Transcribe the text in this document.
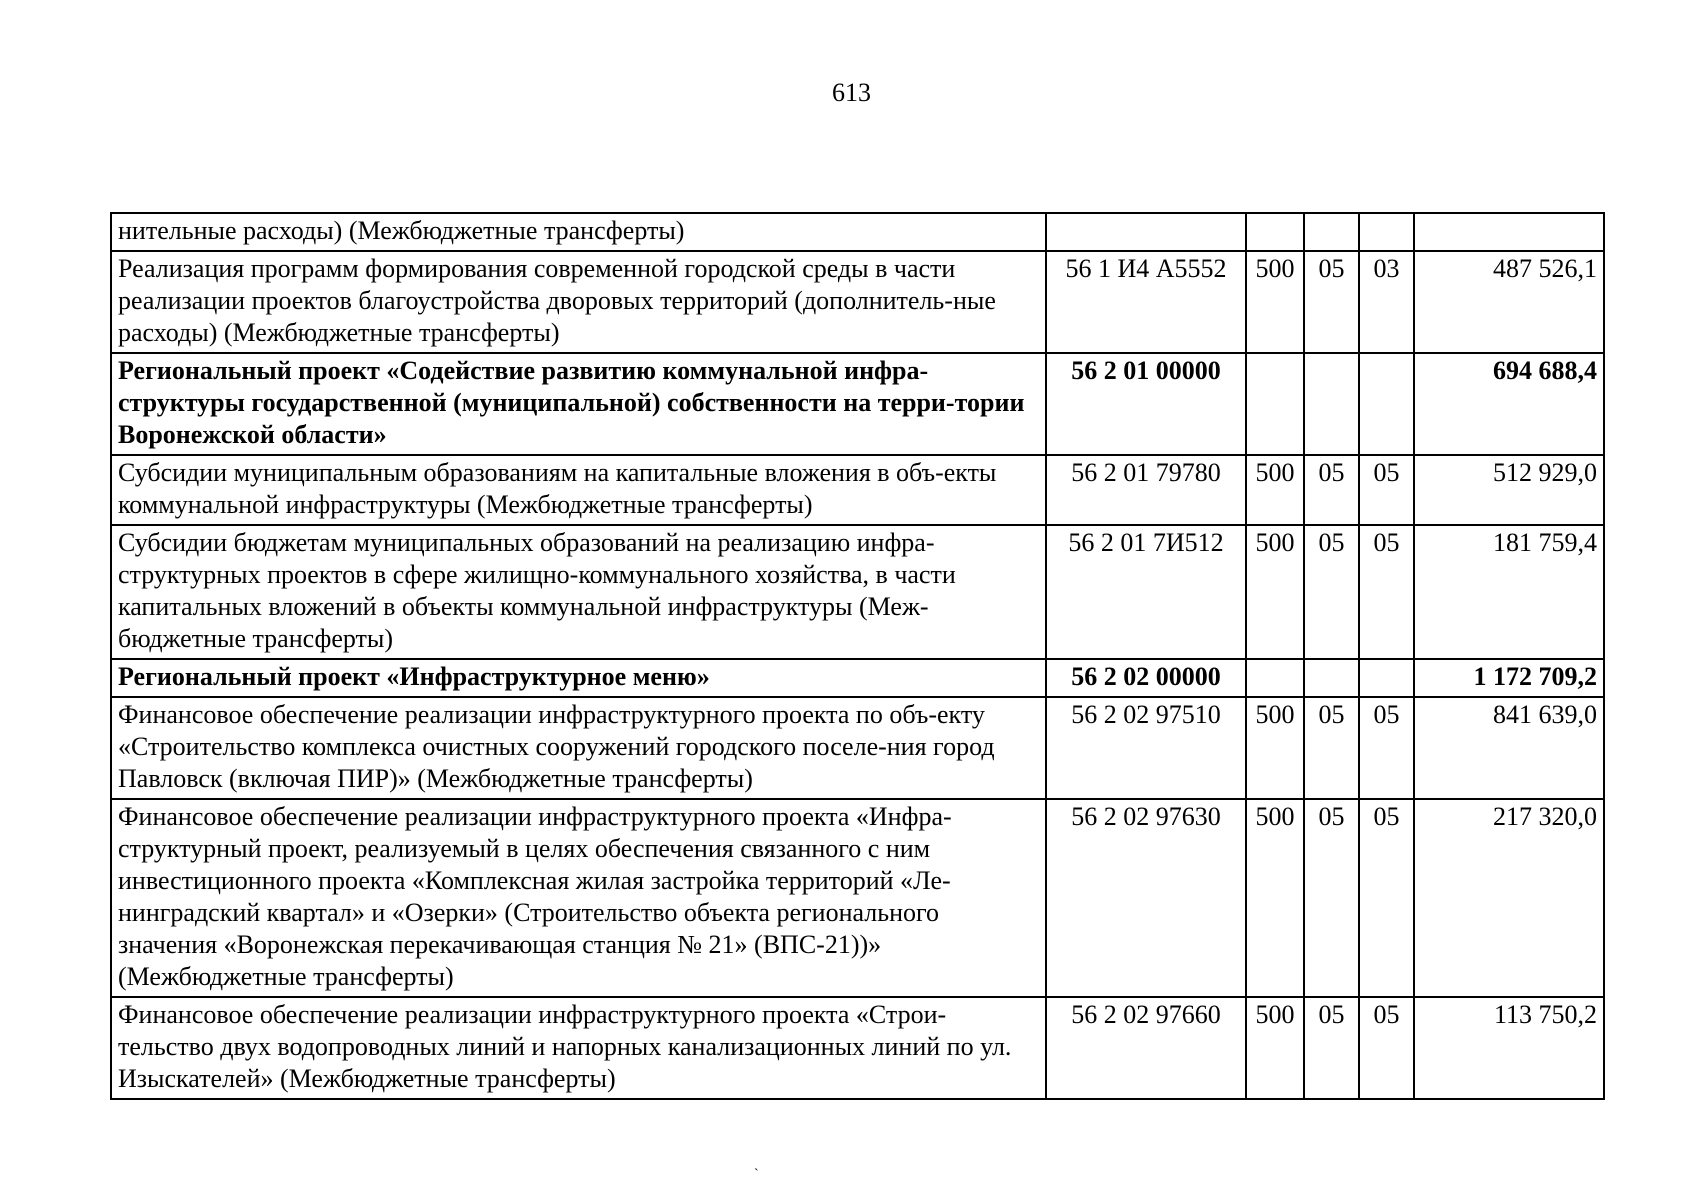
613
нительные расходы) (Межбюджетные трансферты)					
Реализация программ формирования современной городской среды в части реализации проектов благоустройства дворовых территорий (дополнитель-ные расходы) (Межбюджетные трансферты)	56 1 И4 А5552	500	05	03	487 526,1
Региональный проект «Содействие развитию коммунальной инфра-структуры государственной (муниципальной) собственности на терри-тории Воронежской области»	56 2 01 00000				694 688,4
Субсидии муниципальным образованиям на капитальные вложения в объ-екты коммунальной инфраструктуры (Межбюджетные трансферты)	56 2 01 79780	500	05	05	512 929,0
Субсидии бюджетам муниципальных образований на реализацию инфра-структурных проектов в сфере жилищно-коммунального хозяйства, в части капитальных вложений в объекты коммунальной инфраструктуры (Меж-бюджетные трансферты)	56 2 01 7И512	500	05	05	181 759,4
Региональный проект «Инфраструктурное меню»	56 2 02 00000				1 172 709,2
Финансовое обеспечение реализации инфраструктурного проекта по объ-екту «Строительство комплекса очистных сооружений городского поселе-ния город Павловск (включая ПИР)» (Межбюджетные трансферты)	56 2 02 97510	500	05	05	841 639,0
Финансовое обеспечение реализации инфраструктурного проекта «Инфра-структурный проект, реализуемый в целях обеспечения связанного с ним инвестиционного проекта «Комплексная жилая застройка территорий «Ле-нинградский квартал» и «Озерки» (Строительство объекта регионального значения «Воронежская перекачивающая станция № 21» (ВПС-21))» (Межбюджетные трансферты)	56 2 02 97630	500	05	05	217 320,0
Финансовое обеспечение реализации инфраструктурного проекта «Строи-тельство двух водопроводных линий и напорных канализационных линий по ул. Изыскателей» (Межбюджетные трансферты)	56 2 02 97660	500	05	05	113 750,2
`
